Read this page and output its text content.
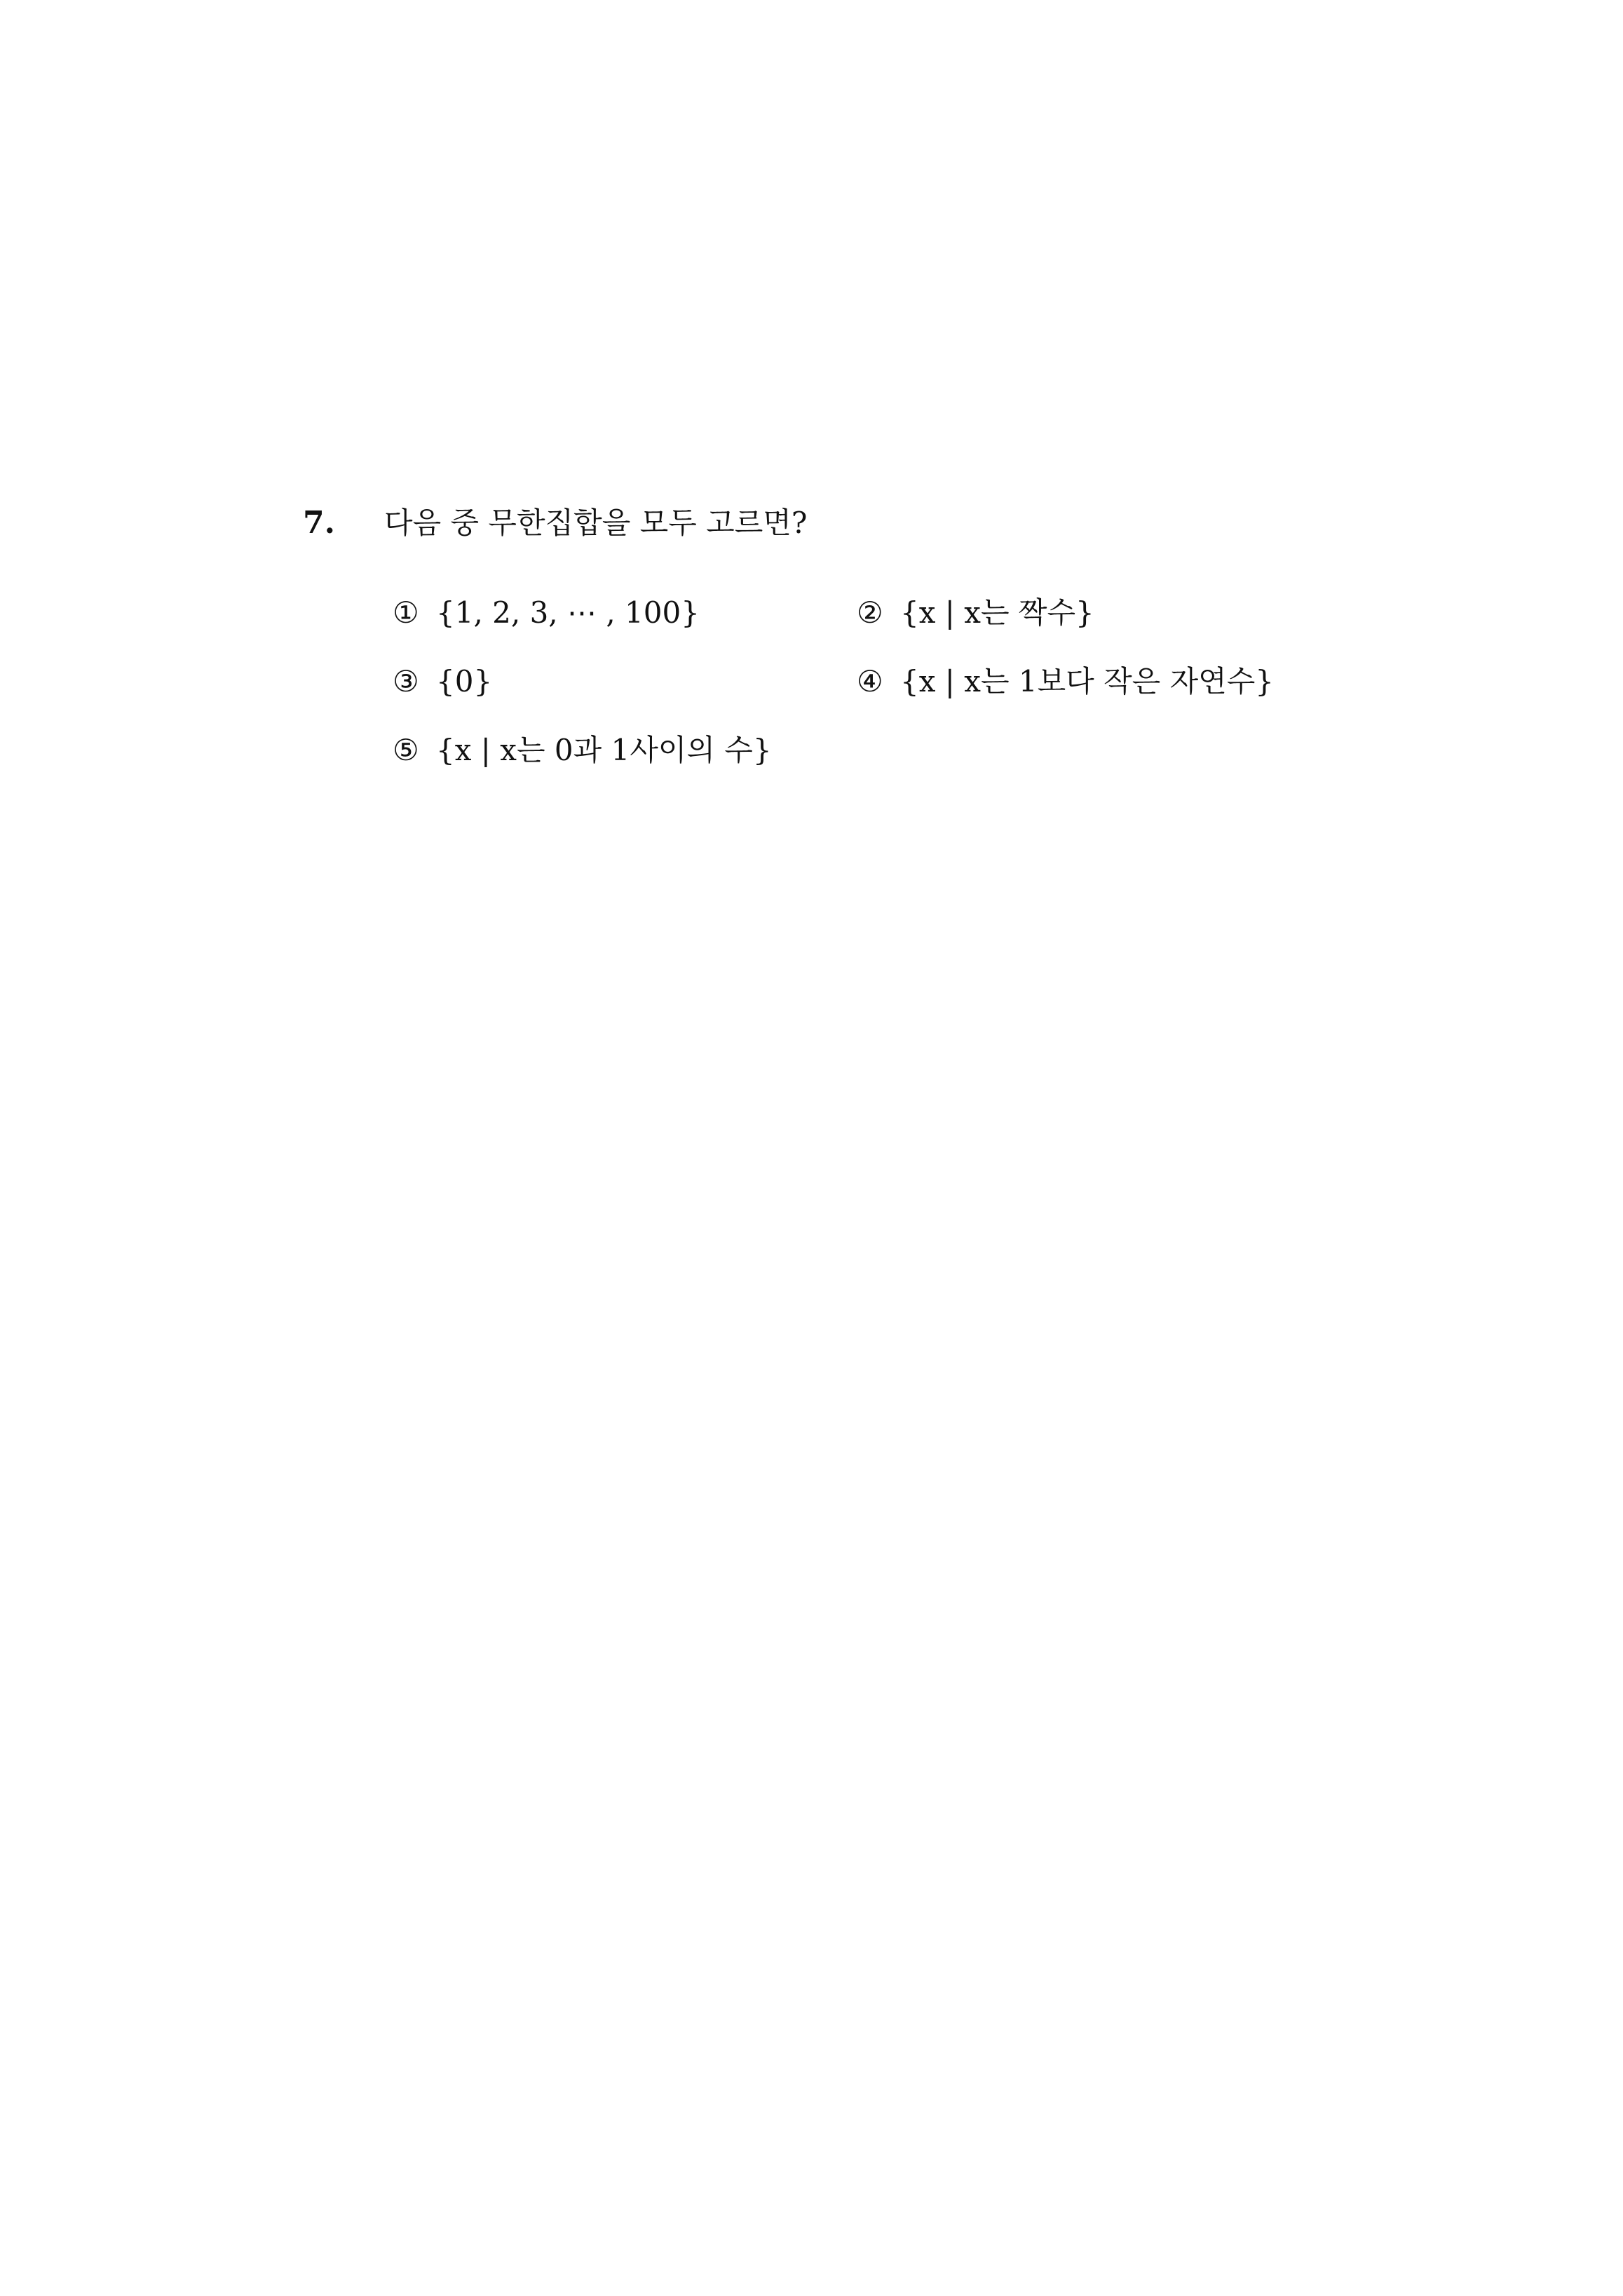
7. 다음 중 무한집합을 모두 고르면?
① {1, 2, 3, ⋯ , 100}	② {x | x는 짝수}
③ {0}	④ {x | x는 1보다 작은 자연수}
⑤ {x | x는 0과 1사이의 수}
